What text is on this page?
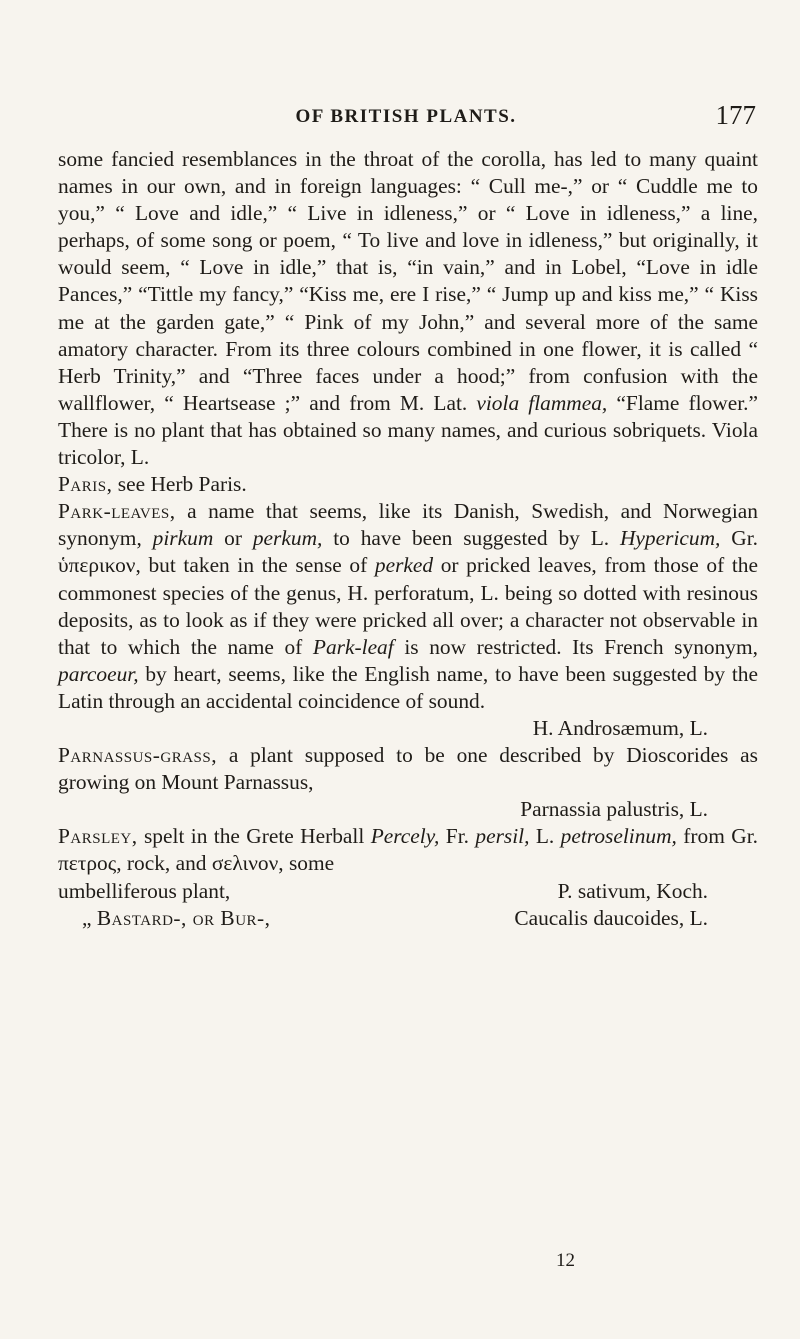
OF BRITISH PLANTS.	177

some fancied resemblances in the throat of the corolla, has led to many quaint names in our own, and in foreign languages: “ Cull me-,” or “ Cuddle me to you,” “ Love and idle,” “ Live in idleness,” or “ Love in idleness,” a line, perhaps, of some song or poem, “ To live and love in idleness,” but originally, it would seem, “ Love in idle,” that is, “in vain,” and in Lobel, “Love in idle Pances,” “Tittle my fancy,” “Kiss me, ere I rise,” “ Jump up and kiss me,” “ Kiss me at the garden gate,” “ Pink of my John,” and several more of the same amatory character. From its three colours combined in one flower, it is called “ Herb Trinity,” and “Three faces under a hood;” from confusion with the wallflower, “ Heartsease ;” and from M. Lat. viola flammea, “Flame flower.” There is no plant that has obtained so many names, and curious sobriquets. Viola tricolor, L.

Paris, see Herb Paris.

Park-leaves, a name that seems, like its Danish, Swedish, and Norwegian synonym, pirkum or perkum, to have been suggested by L. Hypericum, Gr. ὑπερικον, but taken in the sense of perked or pricked leaves, from those of the commonest species of the genus, H. perforatum, L. being so dotted with resinous deposits, as to look as if they were pricked all over; a character not observable in that to which the name of Park-leaf is now restricted. Its French synonym, parcoeur, by heart, seems, like the English name, to have been suggested by the Latin through an accidental coincidence of sound.

H. Androsæmum, L.

Parnassus-grass, a plant supposed to be one described by Dioscorides as growing on Mount Parnassus,

Parnassia palustris, L.

Parsley, spelt in the Grete Herball Percely, Fr. persil, L. petroselinum, from Gr. πετρος, rock, and σελινον, some

umbelliferous plant,	P. sativum, Koch.

„ Bastard-, or Bur-,	Caucalis daucoides, L.

12
